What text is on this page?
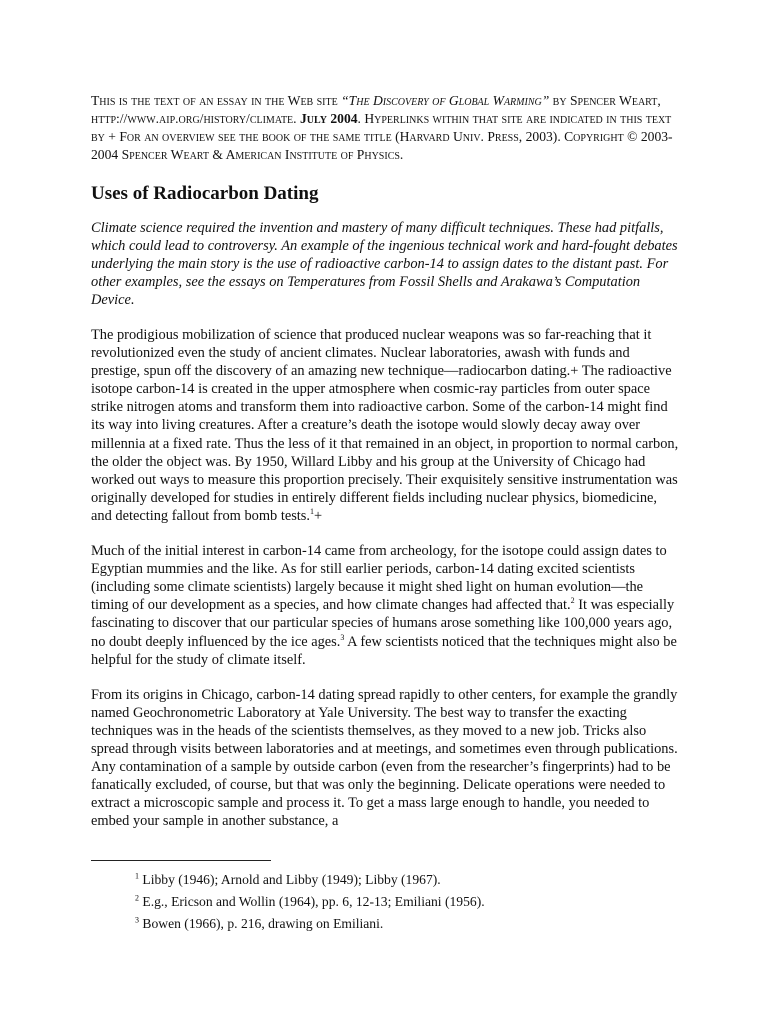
This is the text of an essay in the Web site “The Discovery of Global Warming” by Spencer Weart, http://www.aip.org/history/climate. July 2004. Hyperlinks within that site are indicated in this text by + For an overview see the book of the same title (Harvard Univ. Press, 2003). Copyright © 2003-2004 Spencer Weart & American Institute of Physics.

Uses of Radiocarbon Dating

Climate science required the invention and mastery of many difficult techniques. These had pitfalls, which could lead to controversy. An example of the ingenious technical work and hard-fought debates underlying the main story is the use of radioactive carbon-14 to assign dates to the distant past. For other examples, see the essays on Temperatures from Fossil Shells and Arakawa’s Computation Device.

The prodigious mobilization of science that produced nuclear weapons was so far-reaching that it revolutionized even the study of ancient climates. Nuclear laboratories, awash with funds and prestige, spun off the discovery of an amazing new technique—radiocarbon dating.+ The radioactive isotope carbon-14 is created in the upper atmosphere when cosmic-ray particles from outer space strike nitrogen atoms and transform them into radioactive carbon. Some of the carbon-14 might find its way into living creatures. After a creature’s death the isotope would slowly decay away over millennia at a fixed rate. Thus the less of it that remained in an object, in proportion to normal carbon, the older the object was. By 1950, Willard Libby and his group at the University of Chicago had worked out ways to measure this proportion precisely. Their exquisitely sensitive instrumentation was originally developed for studies in entirely different fields including nuclear physics, biomedicine, and detecting fallout from bomb tests.$^1$+

Much of the initial interest in carbon-14 came from archeology, for the isotope could assign dates to Egyptian mummies and the like. As for still earlier periods, carbon-14 dating excited scientists (including some climate scientists) largely because it might shed light on human evolution—the timing of our development as a species, and how climate changes had affected that.$^2$ It was especially fascinating to discover that our particular species of humans arose something like 100,000 years ago, no doubt deeply influenced by the ice ages.$^3$ A few scientists noticed that the techniques might also be helpful for the study of climate itself.

From its origins in Chicago, carbon-14 dating spread rapidly to other centers, for example the grandly named Geochronometric Laboratory at Yale University. The best way to transfer the exacting techniques was in the heads of the scientists themselves, as they moved to a new job. Tricks also spread through visits between laboratories and at meetings, and sometimes even through publications. Any contamination of a sample by outside carbon (even from the researcher’s fingerprints) had to be fanatically excluded, of course, but that was only the beginning. Delicate operations were needed to extract a microscopic sample and process it. To get a mass large enough to handle, you needed to embed your sample in another substance, a

$^1$ Libby (1946); Arnold and Libby (1949); Libby (1967).
$^2$ E.g., Ericson and Wollin (1964), pp. 6, 12-13; Emiliani (1956).
$^3$ Bowen (1966), p. 216, drawing on Emiliani.
